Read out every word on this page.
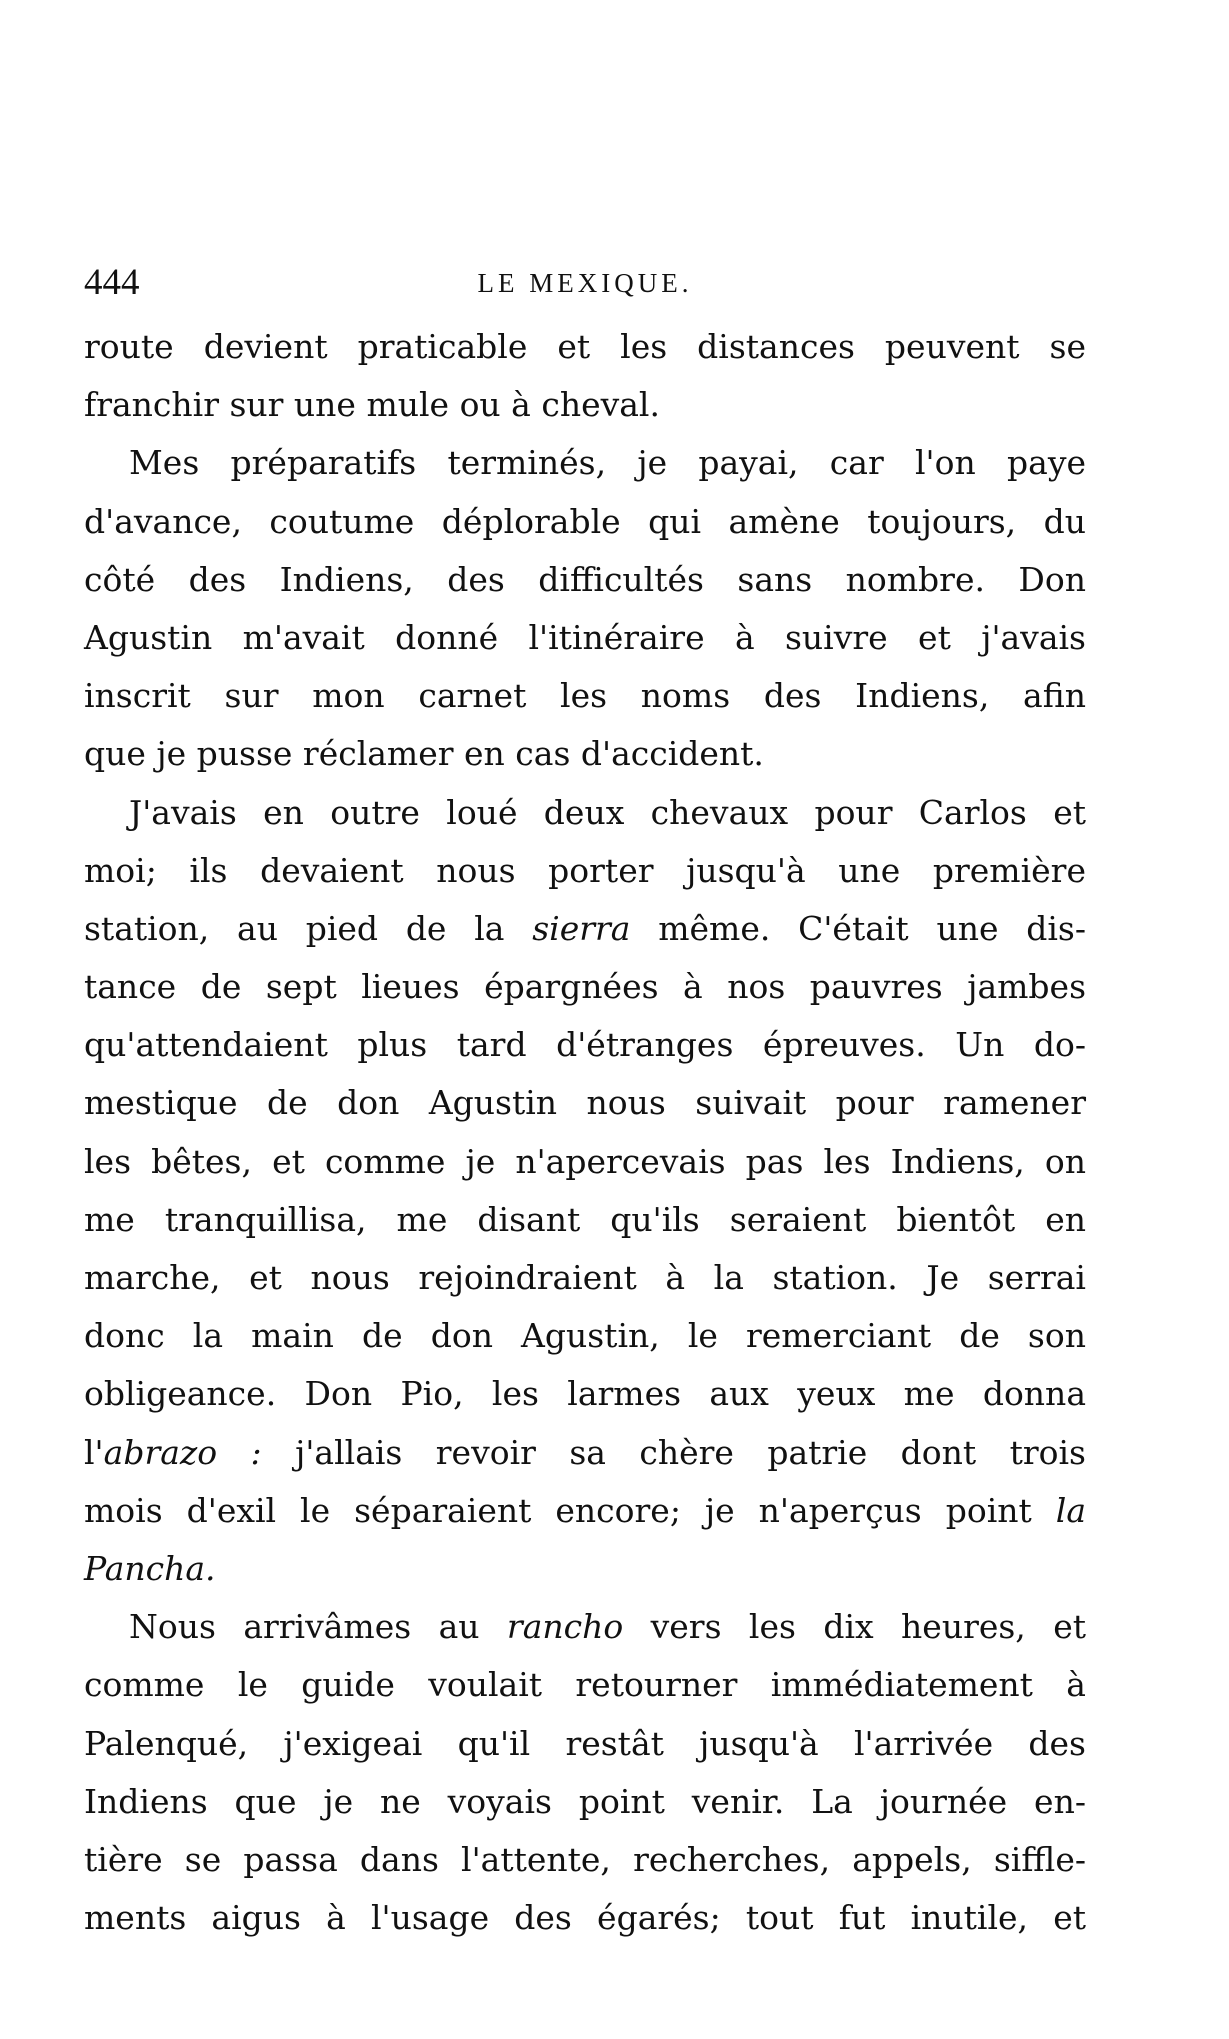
444	LE MEXIQUE.

route devient praticable et les distances peuvent se
franchir sur une mule ou à cheval.

Mes préparatifs terminés, je payai, car l'on paye
d'avance, coutume déplorable qui amène toujours, du
côté des Indiens, des difficultés sans nombre. Don
Agustin m'avait donné l'itinéraire à suivre et j'avais
inscrit sur mon carnet les noms des Indiens, afin
que je pusse réclamer en cas d'accident.

J'avais en outre loué deux chevaux pour Carlos et
moi; ils devaient nous porter jusqu'à une première
station, au pied de la sierra même. C'était une dis-
tance de sept lieues épargnées à nos pauvres jambes
qu'attendaient plus tard d'étranges épreuves. Un do-
mestique de don Agustin nous suivait pour ramener
les bêtes, et comme je n'apercevais pas les Indiens, on
me tranquillisa, me disant qu'ils seraient bientôt en
marche, et nous rejoindraient à la station. Je serrai
donc la main de don Agustin, le remerciant de son
obligeance. Don Pio, les larmes aux yeux me donna
l'abrazo : j'allais revoir sa chère patrie dont trois
mois d'exil le séparaient encore; je n'aperçus point la
Pancha.

Nous arrivâmes au rancho vers les dix heures, et
comme le guide voulait retourner immédiatement à
Palenqué, j'exigeai qu'il restât jusqu'à l'arrivée des
Indiens que je ne voyais point venir. La journée en-
tière se passa dans l'attente, recherches, appels, siffle-
ments aigus à l'usage des égarés; tout fut inutile, et
